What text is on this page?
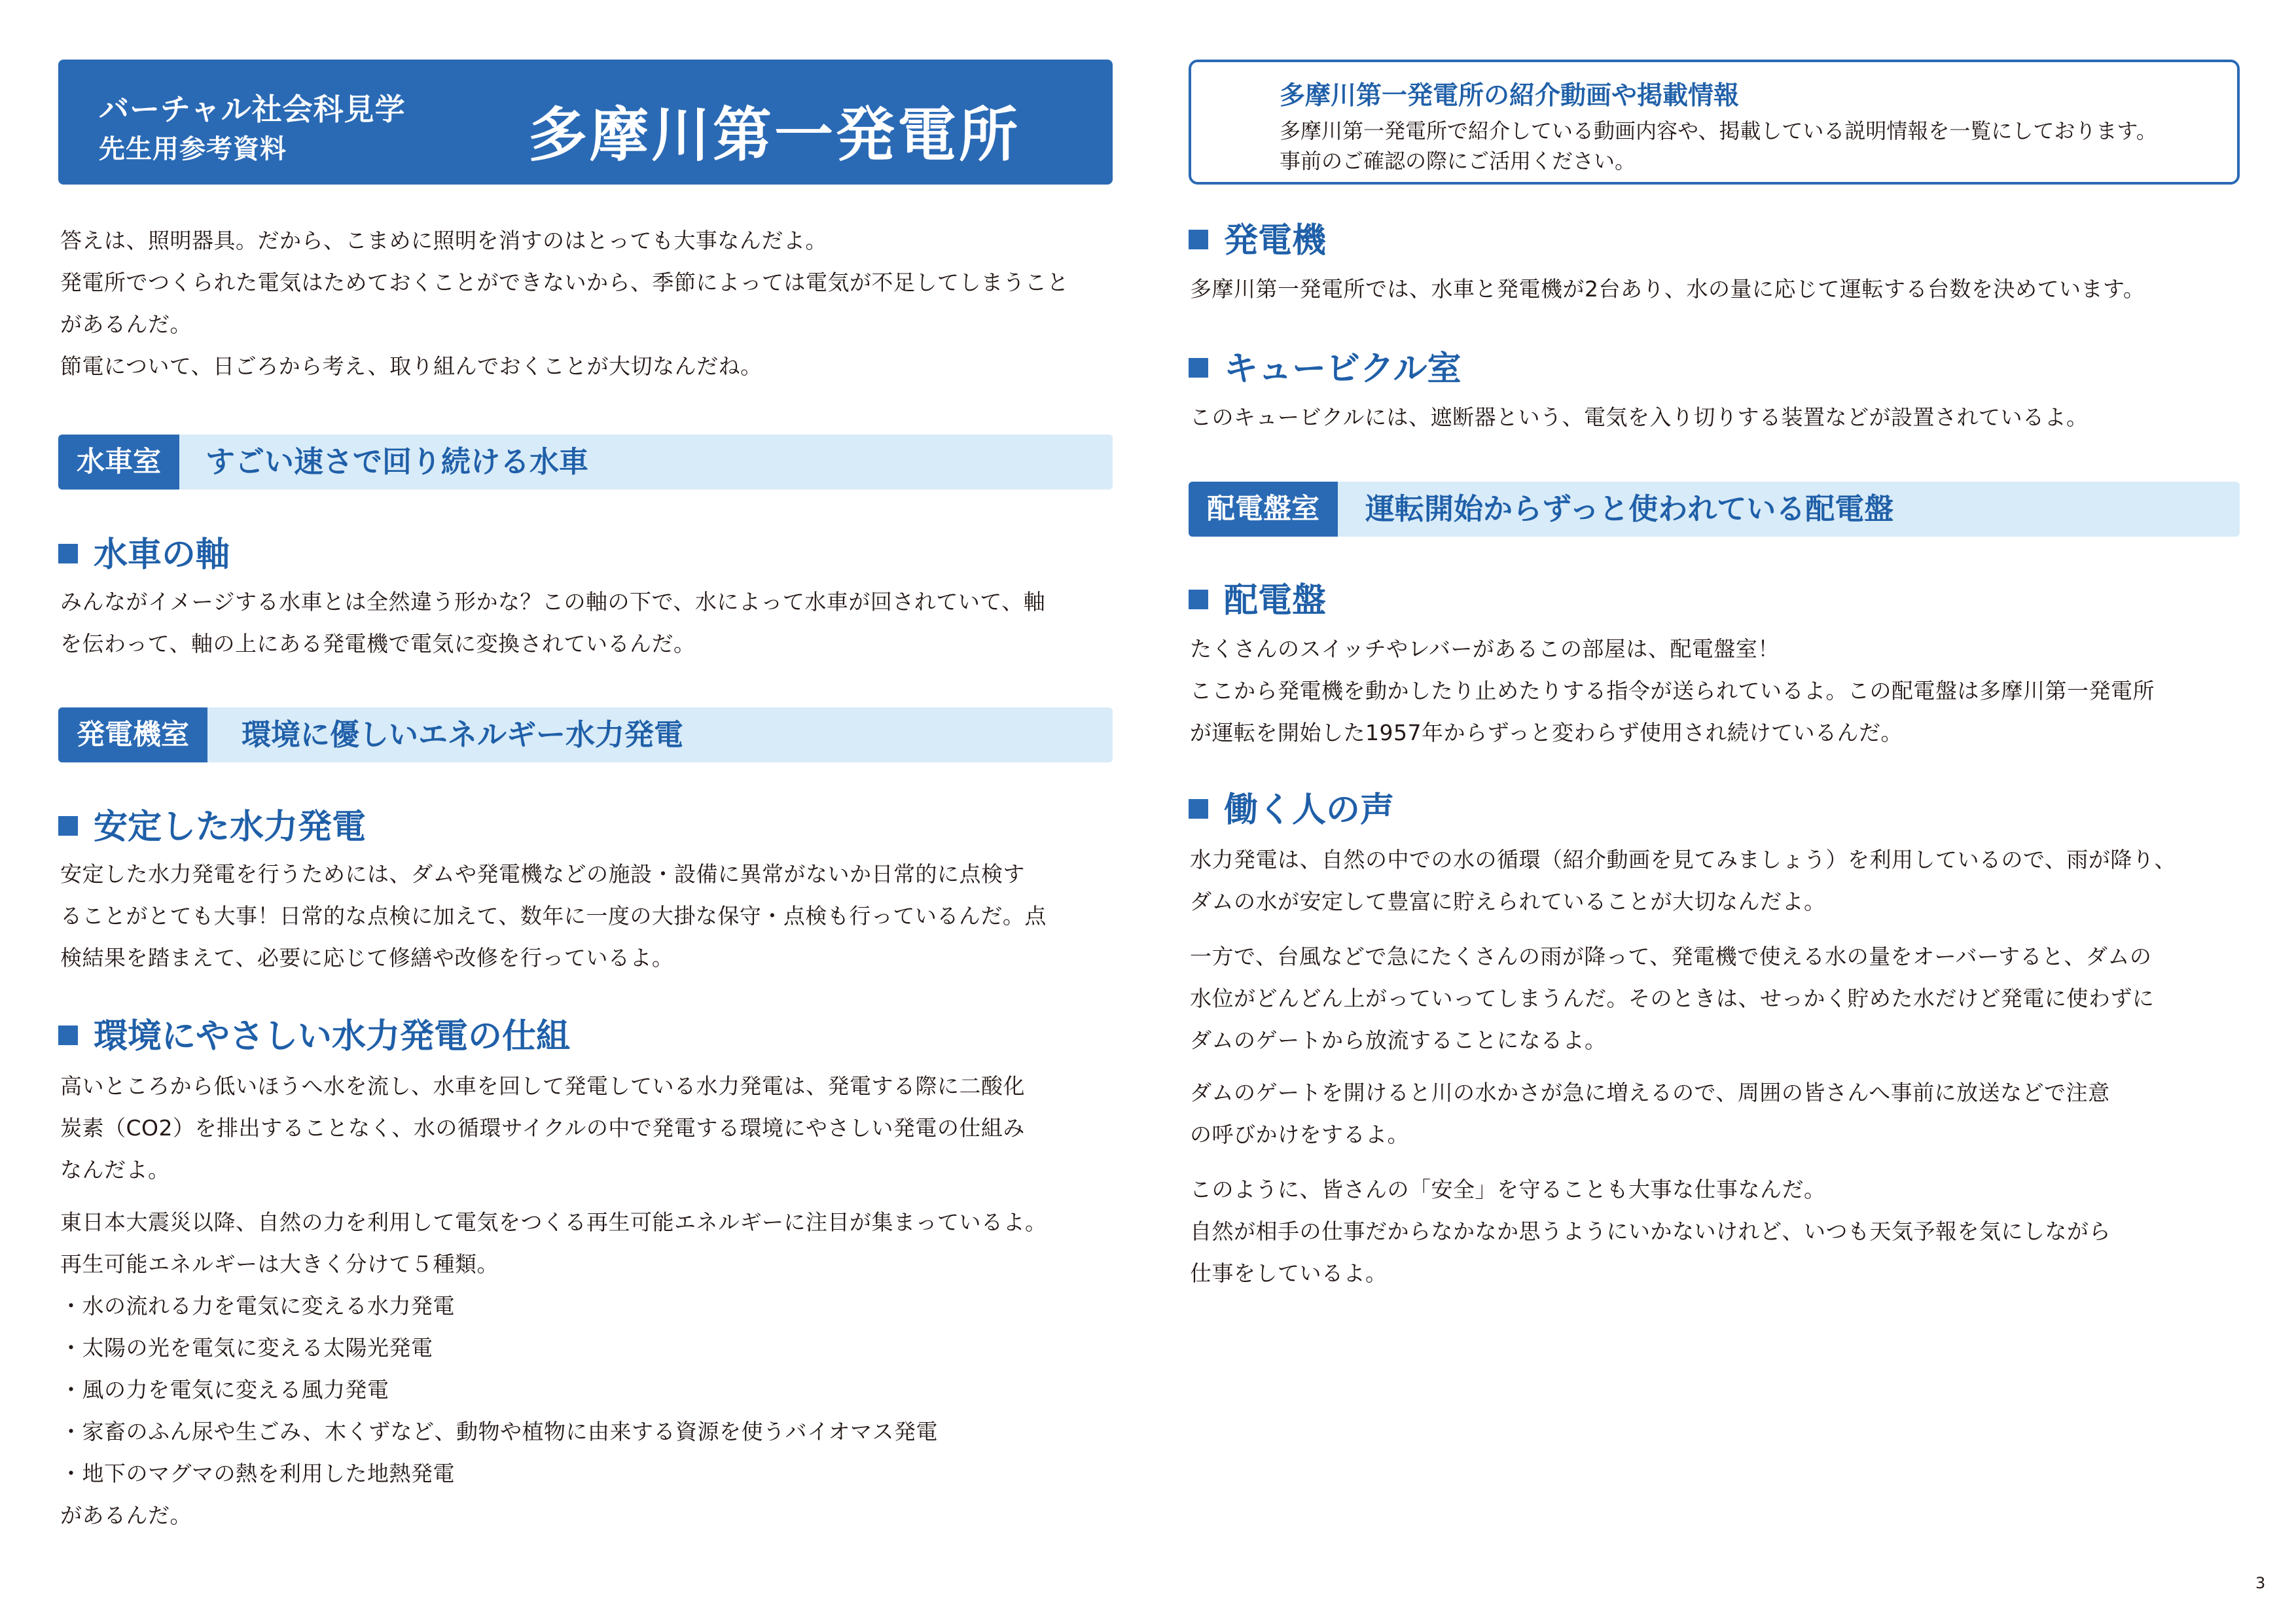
バーチャル社会科見学
先生用参考資料	多摩川第一発電所
多摩川第一発電所の紹介動画や掲載情報
多摩川第一発電所で紹介している動画内容や、掲載している説明情報を一覧にしております。
事前のご確認の際にご活用ください。
答えは、照明器具。だから、こまめに照明を消すのはとっても大事なんだよ。
発電所でつくられた電気はためておくことができないから、季節によっては電気が不足してしまうこと
があるんだ。
節電について、日ごろから考え、取り組んでおくことが大切なんだね。
水車室	すごい速さで回り続ける水車
水車の軸
みんながイメージする水車とは全然違う形かな？この軸の下で、水によって水車が回されていて、軸
を伝わって、軸の上にある発電機で電気に変換されているんだ。
発電機室	環境に優しいエネルギー水力発電
安定した水力発電
安定した水力発電を行うためには、ダムや発電機などの施設・設備に異常がないか日常的に点検す
ることがとても大事！日常的な点検に加えて、数年に一度の大掛な保守・点検も行っているんだ。点
検結果を踏まえて、必要に応じて修繕や改修を行っているよ。
環境にやさしい水力発電の仕組
高いところから低いほうへ水を流し、水車を回して発電している水力発電は、発電する際に二酸化
炭素（CO2）を排出することなく、水の循環サイクルの中で発電する環境にやさしい発電の仕組み
なんだよ。
東日本大震災以降、自然の力を利用して電気をつくる再生可能エネルギーに注目が集まっているよ。
再生可能エネルギーは大きく分けて５種類。
・水の流れる力を電気に変える水力発電
・太陽の光を電気に変える太陽光発電
・風の力を電気に変える風力発電
・家畜のふん尿や生ごみ、木くずなど、動物や植物に由来する資源を使うバイオマス発電
・地下のマグマの熱を利用した地熱発電
があるんだ。
発電機
多摩川第一発電所では、水車と発電機が2台あり、水の量に応じて運転する台数を決めています。
キュービクル室
このキュービクルには、遮断器という、電気を入り切りする装置などが設置されているよ。
配電盤室	運転開始からずっと使われている配電盤
配電盤
たくさんのスイッチやレバーがあるこの部屋は、配電盤室！
ここから発電機を動かしたり止めたりする指令が送られているよ。この配電盤は多摩川第一発電所
が運転を開始した1957年からずっと変わらず使用され続けているんだ。
働く人の声
水力発電は、自然の中での水の循環（紹介動画を見てみましょう）を利用しているので、雨が降り、
ダムの水が安定して豊富に貯えられていることが大切なんだよ。
一方で、台風などで急にたくさんの雨が降って、発電機で使える水の量をオーバーすると、ダムの
水位がどんどん上がっていってしまうんだ。そのときは、せっかく貯めた水だけど発電に使わずに
ダムのゲートから放流することになるよ。
ダムのゲートを開けると川の水かさが急に増えるので、周囲の皆さんへ事前に放送などで注意
の呼びかけをするよ。
このように、皆さんの「安全」を守ることも大事な仕事なんだ。
自然が相手の仕事だからなかなか思うようにいかないけれど、いつも天気予報を気にしながら
仕事をしているよ。
3
